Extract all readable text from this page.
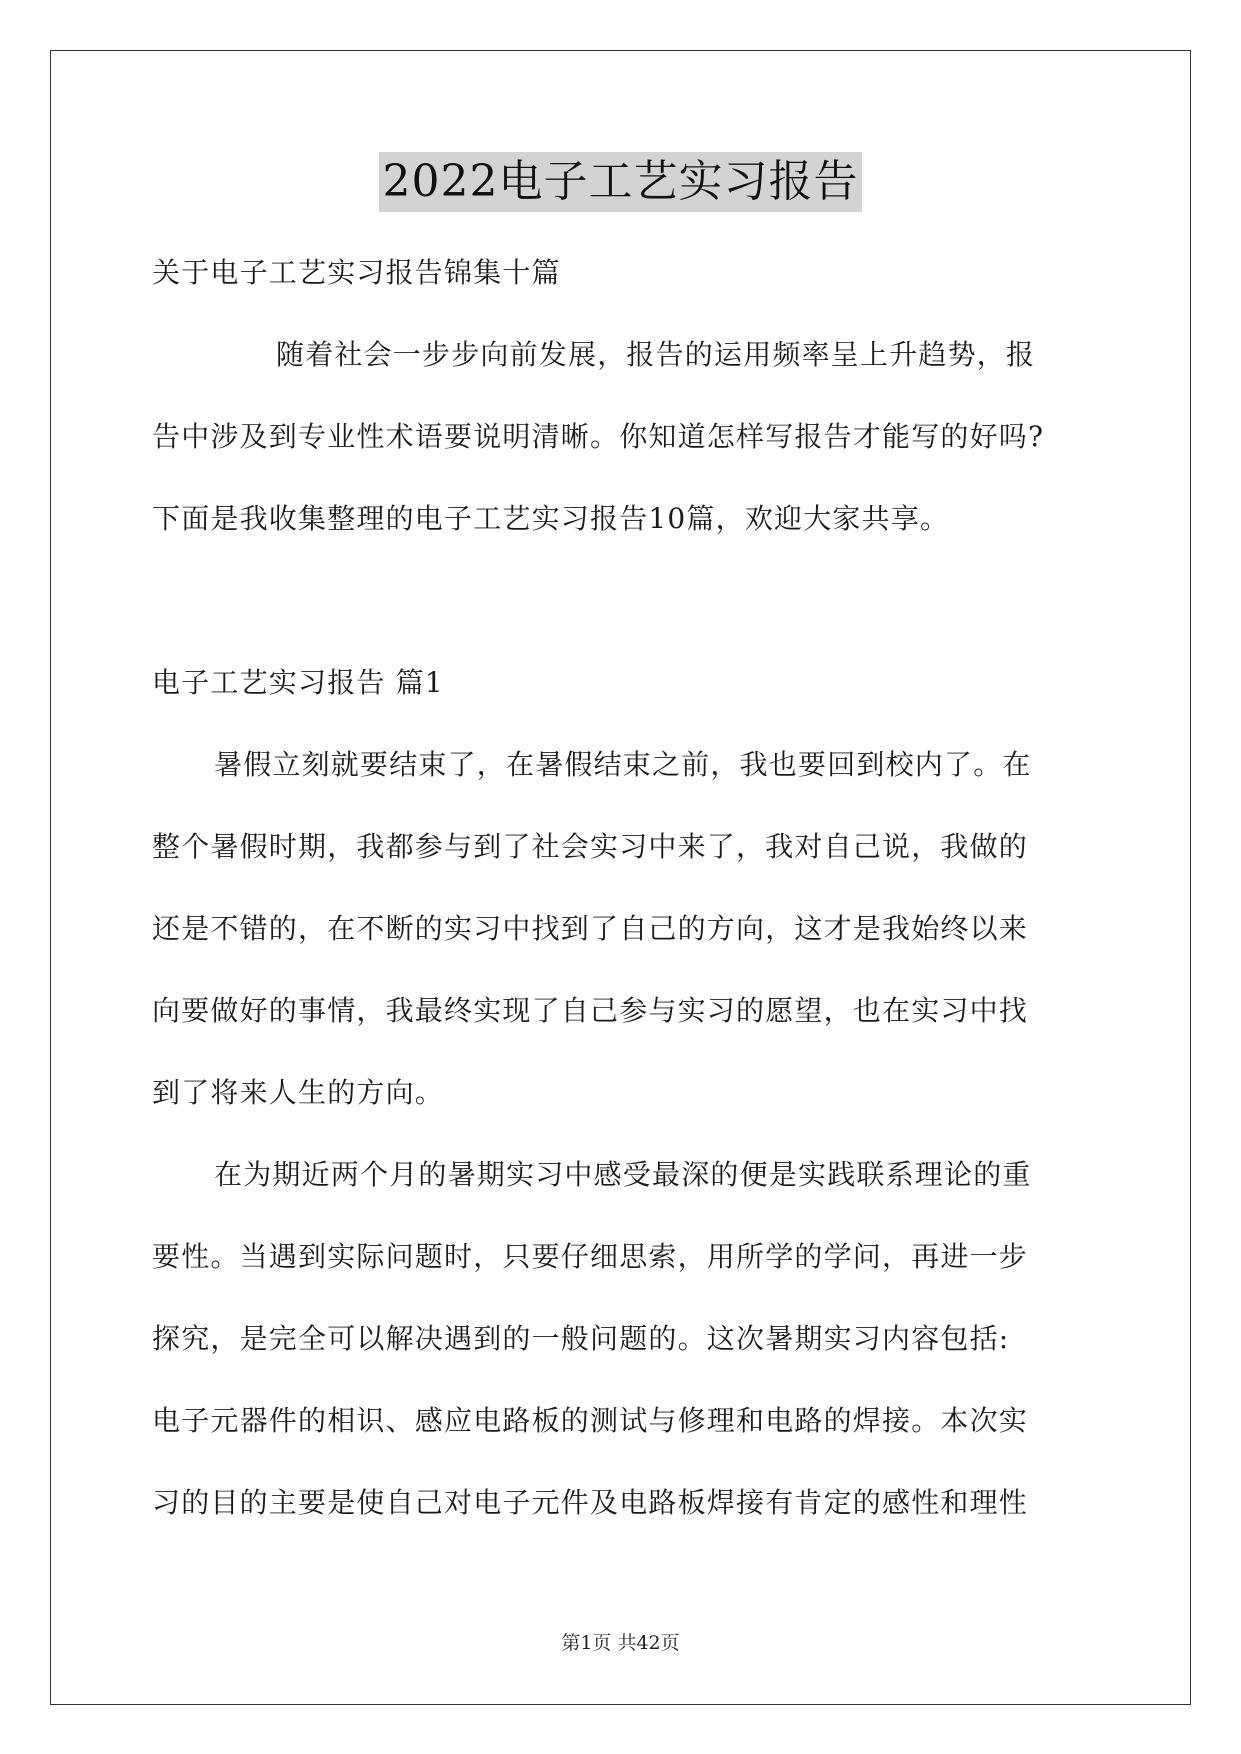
2022电子工艺实习报告
关于电子工艺实习报告锦集十篇
随着社会一步步向前发展，报告的运用频率呈上升趋势，报
告中涉及到专业性术语要说明清晰。你知道怎样写报告才能写的好吗?
下面是我收集整理的电子工艺实习报告10篇，欢迎大家共享。
电子工艺实习报告 篇1
暑假立刻就要结束了，在暑假结束之前，我也要回到校内了。在
整个暑假时期，我都参与到了社会实习中来了，我对自己说，我做的
还是不错的，在不断的实习中找到了自己的方向，这才是我始终以来
向要做好的事情，我最终实现了自己参与实习的愿望，也在实习中找
到了将来人生的方向。
在为期近两个月的暑期实习中感受最深的便是实践联系理论的重
要性。当遇到实际问题时，只要仔细思索，用所学的学问，再进一步
探究，是完全可以解决遇到的一般问题的。这次暑期实习内容包括:
电子元器件的相识、感应电路板的测试与修理和电路的焊接。本次实
习的目的主要是使自己对电子元件及电路板焊接有肯定的感性和理性
第1页 共42页
